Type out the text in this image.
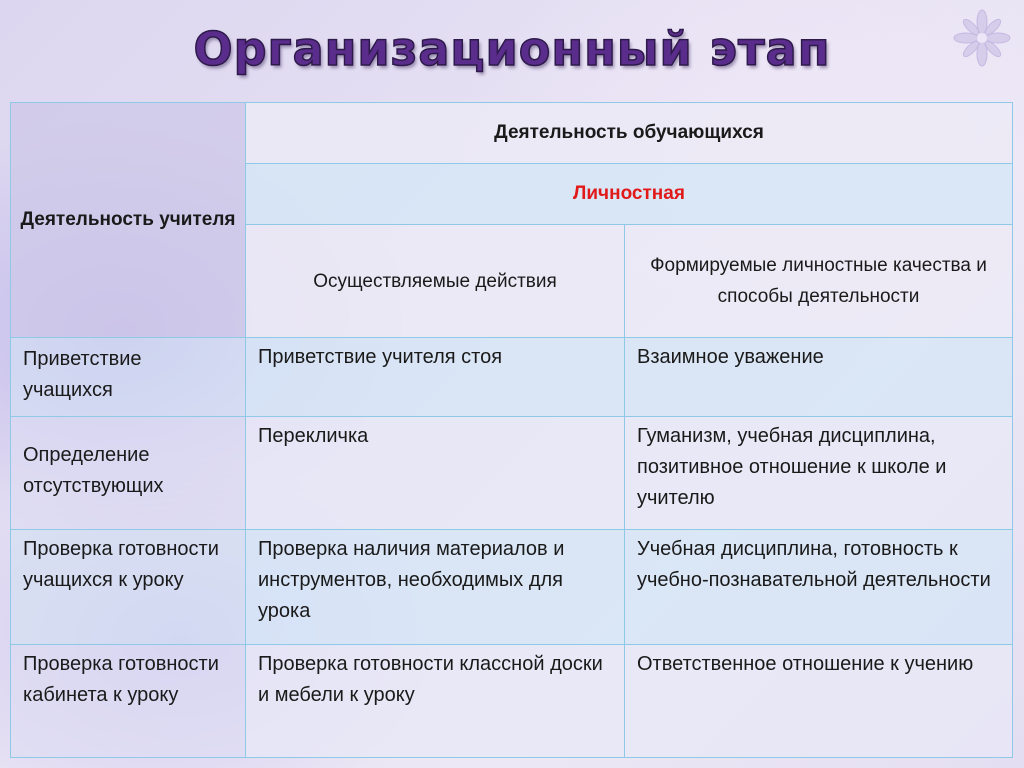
Организационный этап
Деятельность учителя	Деятельность обучающихся	
	Личностная	
	Осуществляемые действия	Формируемые личностные качества и способы деятельности
Приветствие учащихся	Приветствие учителя стоя	Взаимное уважение
Определение отсутствующих	Перекличка	Гуманизм, учебная дисциплина, позитивное отношение к школе и учителю
Проверка готовности учащихся к уроку	Проверка наличия материалов и инструментов, необходимых для урока	Учебная дисциплина, готовность к учебно-познавательной деятельности
Проверка готовности кабинета к уроку	Проверка готовности классной доски и мебели к уроку	Ответственное отношение к учению
